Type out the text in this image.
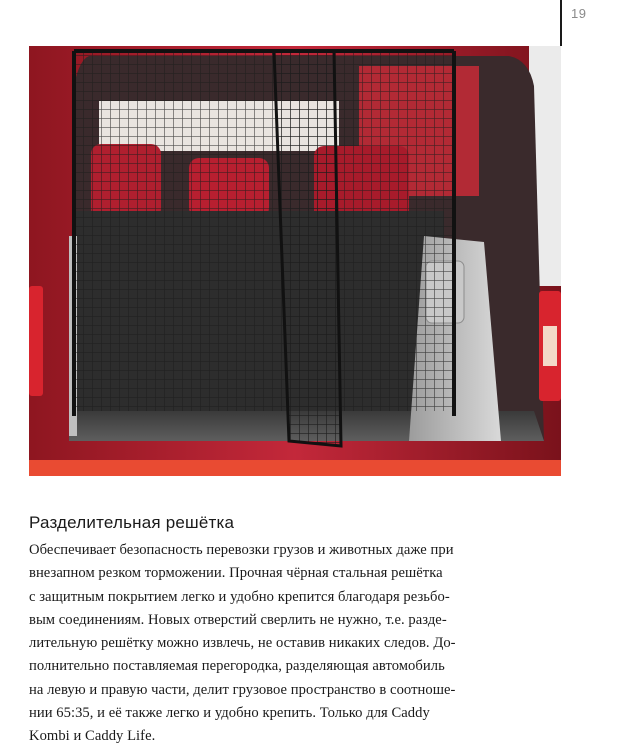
19
Разделительная решётка

Обеспечивает безопасность перевозки грузов и животных даже при
внезапном резком торможении. Прочная чёрная стальная решётка
с защитным покрытием легко и удобно крепится благодаря резьбо-
вым соединениям. Новых отверстий сверлить не нужно, т.е. разде-
лительную решётку можно извлечь, не оставив никаких следов. До-
полнительно поставляемая перегородка, разделяющая автомобиль
на левую и правую части, делит грузовое пространство в соотноше-
нии 65:35, и её также легко и удобно крепить. Только для Caddy
Kombi и Caddy Life.
